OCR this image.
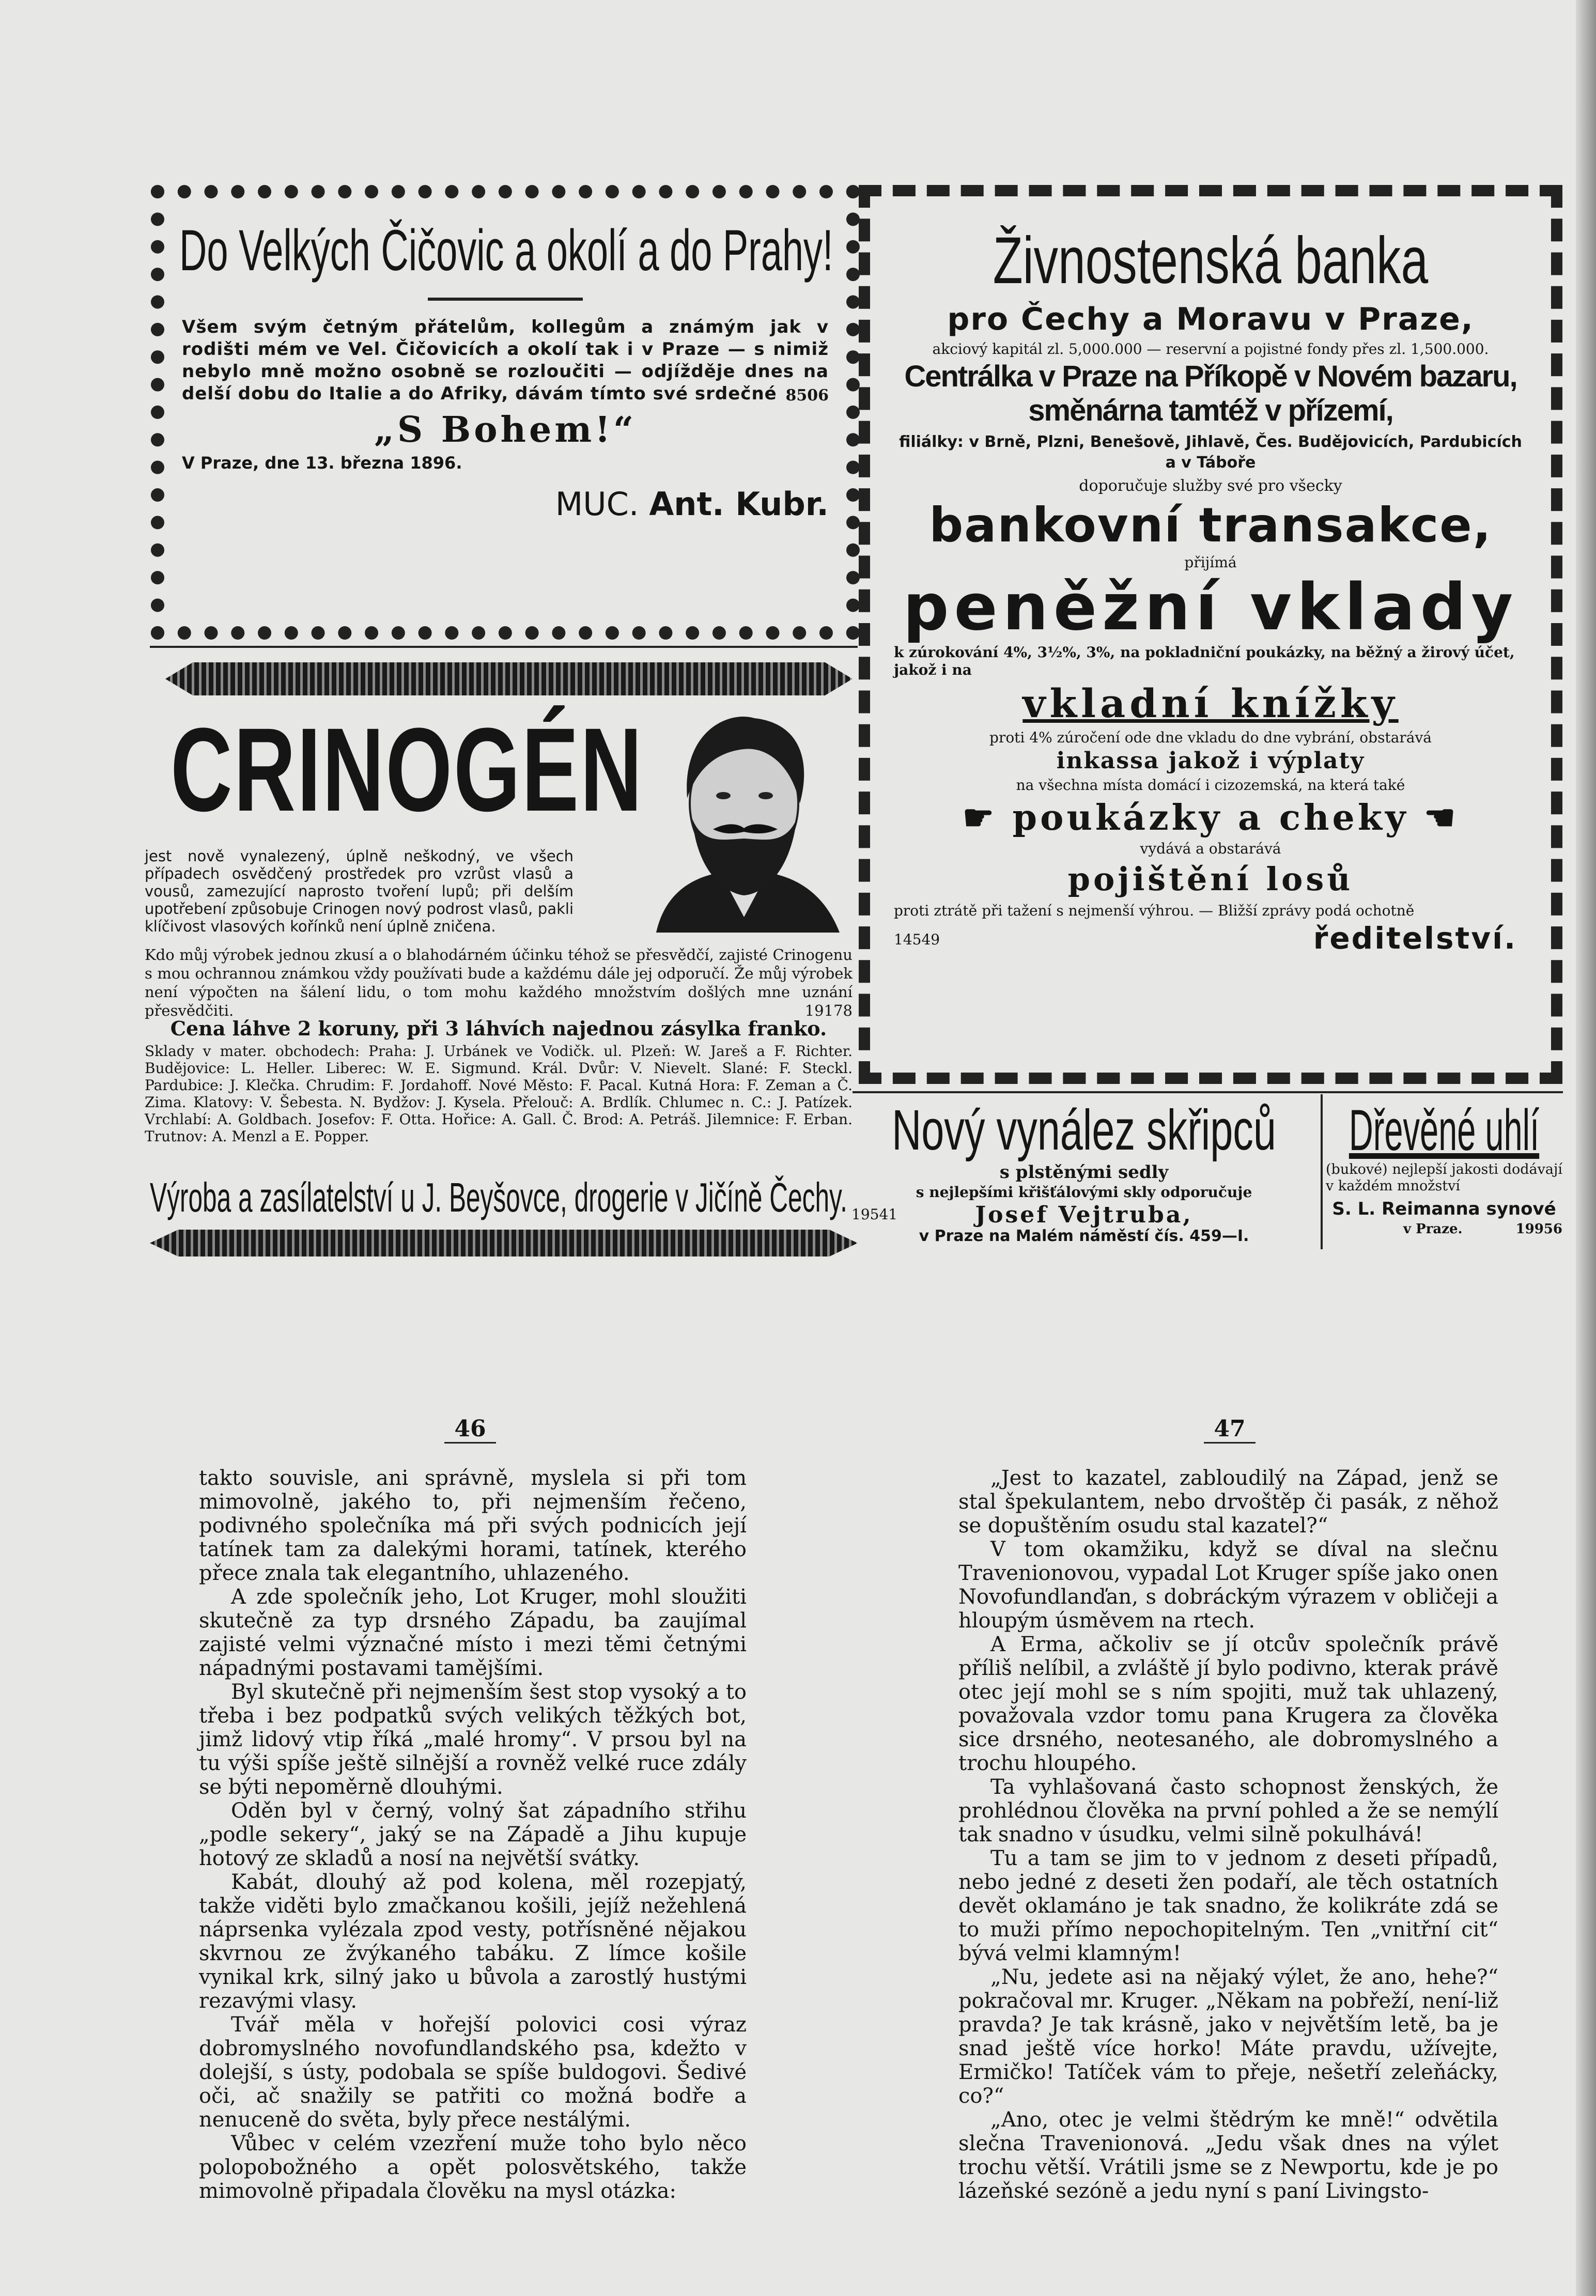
Do Velkých Čičovic a okolí a do Prahy!

Všem svým četným přátelům, kollegům a známým jak v rodišti mém ve Vel. Čičovicích a okolí tak i v Praze — s nimiž nebylo mně možno osobně se rozloučiti — odjížděje dnes na delší dobu do Italie a do Afriky, dávám tímto své srdečné 8506
„S Bohem!“
V Praze, dne 13. března 1896.
MUC. Ant. Kubr.
CRINOGÉN
jest nově vynalezený, úplně neškodný, ve všech případech osvědčený prostředek pro vzrůst vlasů a vousů, zamezující naprosto tvoření lupů; při delším upotřebení způsobuje Crinogen nový podrost vlasů, pakli klíčivost vlasových kořínků není úplně zničena.
Kdo můj výrobek jednou zkusí a o blahodárném účinku téhož se přesvědčí, zajisté Crinogenu s mou ochrannou známkou vždy používati bude a každému dále jej odporučí. Že můj výrobek není výpočten na šálení lidu, o tom mohu každého množstvím došlých mne uznání přesvědčiti.	19178
Cena láhve 2 koruny, při 3 láhvích najednou zásylka franko.
Sklady v mater. obchodech: Praha: J. Urbánek ve Vodičk. ul. Plzeň: W. Jareš a F. Richter. Budějovice: L. Heller. Liberec: W. E. Sigmund. Král. Dvůr: V. Nievelt. Slané: F. Steckl. Pardubice: J. Klečka. Chrudim: F. Jordahoff. Nové Město: F. Pacal. Kutná Hora: F. Zeman a Č. Zima. Klatovy: V. Šebesta. N. Bydžov: J. Kysela. Přelouč: A. Brdlík. Chlumec n. C.: J. Patízek. Vrchlabí: A. Goldbach. Josefov: F. Otta. Hořice: A. Gall. Č. Brod: A. Petráš. Jilemnice: F. Erban. Trutnov: A. Menzl a E. Popper.
Výroba a zasílatelství u J. Beyšovce, drogerie v Jičíně Čechy.
Živnostenská banka
pro Čechy a Moravu v Praze,
akciový kapitál zl. 5,000.000 — reservní a pojistné fondy přes zl. 1,500.000.
Centrálka v Praze na Příkopě v Novém bazaru, směnárna tamtéž v přízemí,
filiálky: v Brně, Plzni, Benešově, Jihlavě, Čes. Budějovicích, Pardubicích a v Táboře
doporučuje služby své pro všecky
bankovní transakce,
přijímá
peněžní vklady
k zúrokování 4%, 3½%, 3%, na pokladniční poukázky, na běžný a žirový účet, jakož i na
vkladní knížky
proti 4% zúročení ode dne vkladu do dne vybrání, obstarává
inkassa jakož i výplaty
na všechna místa domácí i cizozemská, na která také
☛ poukázky a cheky ☚
vydává a obstarává
pojištění losů
proti ztrátě při tažení s nejmenší výhrou. — Bližší zprávy podá ochotně
14549	ředitelství.
Nový vynález skřipců
s plstěnými sedly
s nejlepšími křišťálovými skly odporučuje
19541	Josef Vejtruba,
v Praze na Malém náměstí čís. 459—I.
Dřevěné uhlí
(bukové) nejlepší jakosti dodávají v každém množství
S. L. Reimanna synové
v Praze.	19956
46

takto souvisle, ani správně, myslela si při tom mimovolně, jakého to, při nejmenším řečeno, podivného společníka má při svých podnicích její tatínek tam za dalekými horami, tatínek, kterého přece znala tak elegantního, uhlazeného.

A zde společník jeho, Lot Kruger, mohl sloužiti skutečně za typ drsného Západu, ba zaujímal zajisté velmi význačné místo i mezi těmi četnými nápadnými postavami tamějšími.

Byl skutečně při nejmenším šest stop vysoký a to třeba i bez podpatků svých velikých těžkých bot, jimž lidový vtip říká „malé hromy“. V prsou byl na tu výši spíše ještě silnější a rovněž velké ruce zdály se býti nepoměrně dlouhými.

Oděn byl v černý, volný šat západního střihu „podle sekery“, jaký se na Západě a Jihu kupuje hotový ze skladů a nosí na největší svátky.

Kabát, dlouhý až pod kolena, měl rozepjatý, takže viděti bylo zmačkanou košili, jejíž nežehlená náprsenka vylézala zpod vesty, potřísněné nějakou skvrnou ze žvýkaného tabáku. Z límce košile vynikal krk, silný jako u bůvola a zarostlý hustými rezavými vlasy.

Tvář měla v hořejší polovici cosi výraz dobromyslného novofundlandského psa, kdežto v dolejší, s ústy, podobala se spíše buldogovi. Šedivé oči, ač snažily se patřiti co možná bodře a nenuceně do světa, byly přece nestálými.

Vůbec v celém vzezření muže toho bylo něco polopobožného a opět polosvětského, takže mimovolně připadala člověku na mysl otázka:

47

„Jest to kazatel, zabloudilý na Západ, jenž se stal špekulantem, nebo drvoštěp či pasák, z něhož se dopuštěním osudu stal kazatel?“

V tom okamžiku, když se díval na slečnu Travenionovou, vypadal Lot Kruger spíše jako onen Novofundlanďan, s dobráckým výrazem v obličeji a hloupým úsměvem na rtech.

A Erma, ačkoliv se jí otcův společník právě příliš nelíbil, a zvláště jí bylo podivno, kterak právě otec její mohl se s ním spojiti, muž tak uhlazený, považovala vzdor tomu pana Krugera za člověka sice drsného, neotesaného, ale dobromyslného a trochu hloupého.

Ta vyhlašovaná často schopnost ženských, že prohlédnou člověka na první pohled a že se nemýlí tak snadno v úsudku, velmi silně pokulhává!

Tu a tam se jim to v jednom z deseti případů, nebo jedné z deseti žen podaří, ale těch ostatních devět oklamáno je tak snadno, že kolikráte zdá se to muži přímo nepochopitelným. Ten „vnitřní cit“ bývá velmi klamným!

„Nu, jedete asi na nějaký výlet, že ano, hehe?“ pokračoval mr. Kruger. „Někam na pobřeží, není-liž pravda? Je tak krásně, jako v největším letě, ba je snad ještě více horko! Máte pravdu, užívejte, Ermičko! Tatíček vám to přeje, nešetří zeleňácky, co?“

„Ano, otec je velmi štědrým ke mně!“ odvětila slečna Travenionová. „Jedu však dnes na výlet trochu větší. Vrátili jsme se z Newportu, kde je po lázeňské sezóně a jedu nyní s paní Livingsto-
